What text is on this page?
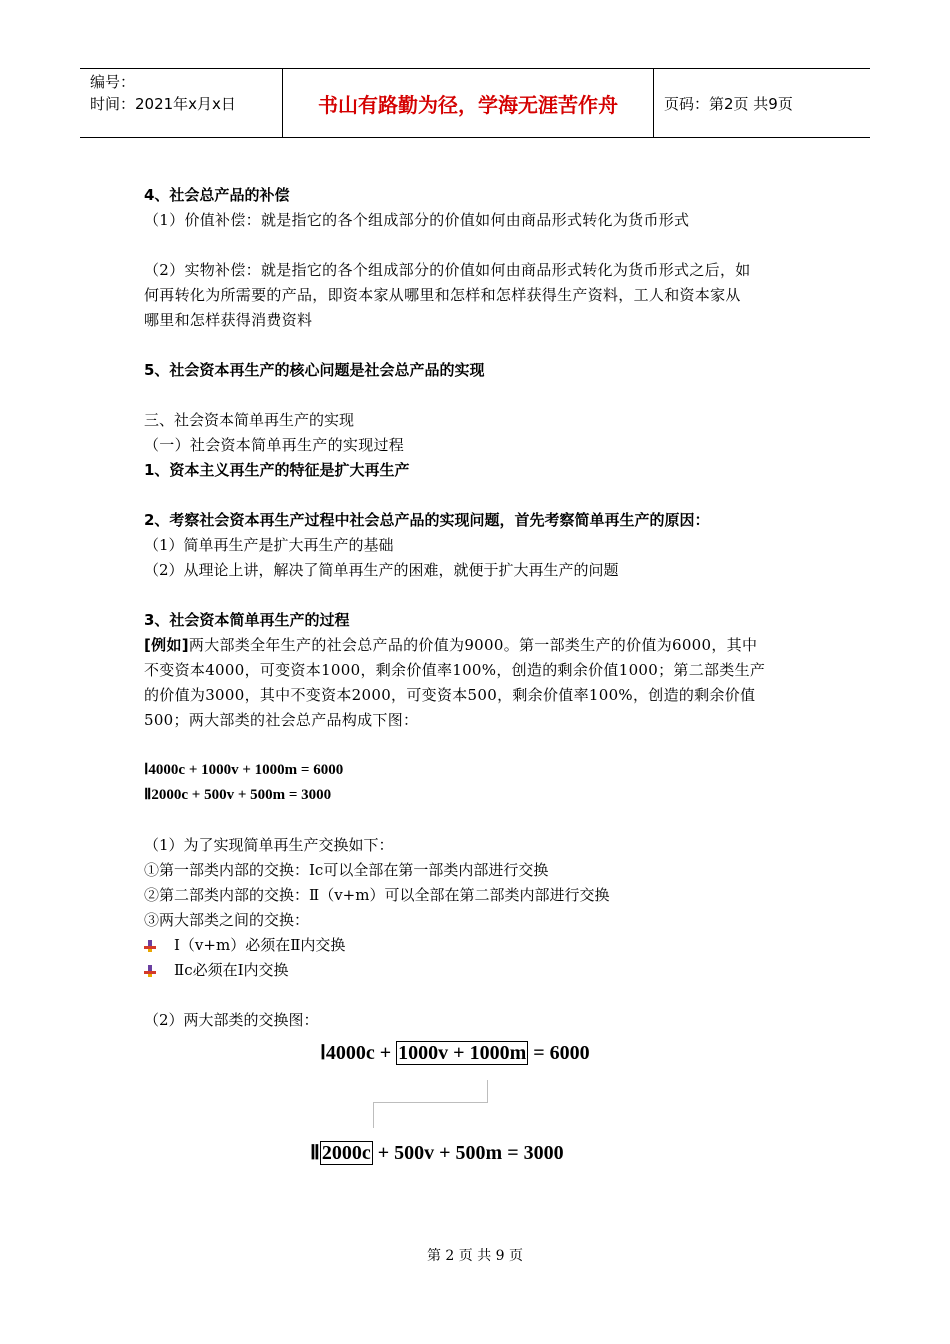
编号：
时间：2021年x月x日	书山有路勤为径，学海无涯苦作舟	页码：第2页 共9页
4、社会总产品的补偿
（1）价值补偿：就是指它的各个组成部分的价值如何由商品形式转化为货币形式
（2）实物补偿：就是指它的各个组成部分的价值如何由商品形式转化为货币形式之后，如
何再转化为所需要的产品，即资本家从哪里和怎样和怎样获得生产资料，工人和资本家从
哪里和怎样获得消费资料
5、社会资本再生产的核心问题是社会总产品的实现
三、社会资本简单再生产的实现
（一）社会资本简单再生产的实现过程
1、资本主义再生产的特征是扩大再生产
2、考察社会资本再生产过程中社会总产品的实现问题，首先考察简单再生产的原因：
（1）简单再生产是扩大再生产的基础
（2）从理论上讲，解决了简单再生产的困难，就便于扩大再生产的问题
3、社会资本简单再生产的过程
[例如]两大部类全年生产的社会总产品的价值为9000。第一部类生产的价值为6000，其中
不变资本4000，可变资本1000，剩余价值率100%，创造的剩余价值1000；第二部类生产
的价值为3000，其中不变资本2000，可变资本500，剩余价值率100%，创造的剩余价值
500；两大部类的社会总产品构成下图：
Ⅰ4000c + 1000v + 1000m = 6000
Ⅱ2000c + 500v + 500m = 3000
（1）为了实现简单再生产交换如下：
①第一部类内部的交换：Ⅰc可以全部在第一部类内部进行交换
②第二部类内部的交换：Ⅱ（v+m）可以全部在第二部类内部进行交换
③两大部类之间的交换：
Ⅰ（v+m）必须在Ⅱ内交换
Ⅱc必须在Ⅰ内交换
（2）两大部类的交换图：
Ⅰ4000c + 1000v + 1000m = 6000
Ⅱ 2000c + 500v + 500m = 3000
第 2 页 共 9 页
